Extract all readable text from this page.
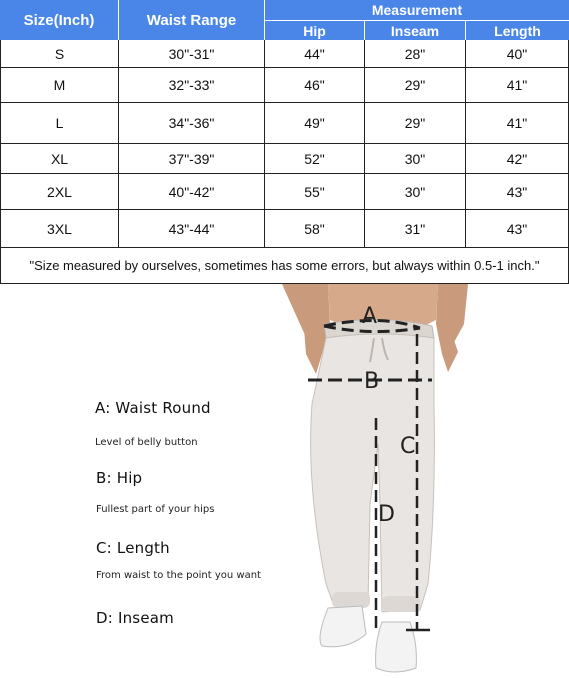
Size(Inch)	Waist Range
Measurement
Hip	Inseam	Length
S	30"-31"	44"	28"	40"
M	32"-33"	46"	29"	41"
L	34"-36"	49"	29"	41"
XL	37"-39"	52"	30"	42"
2XL	40"-42"	55"	30"	43"
3XL	43"-44"	58"	31"	43"
"Size measured by ourselves, sometimes has some errors, but always within 0.5-1 inch."
A: Waist Round
Level of belly button
B: Hip
Fullest part of your hips
C: Length
From waist to the point you want
D: Inseam
A
B
C
D
